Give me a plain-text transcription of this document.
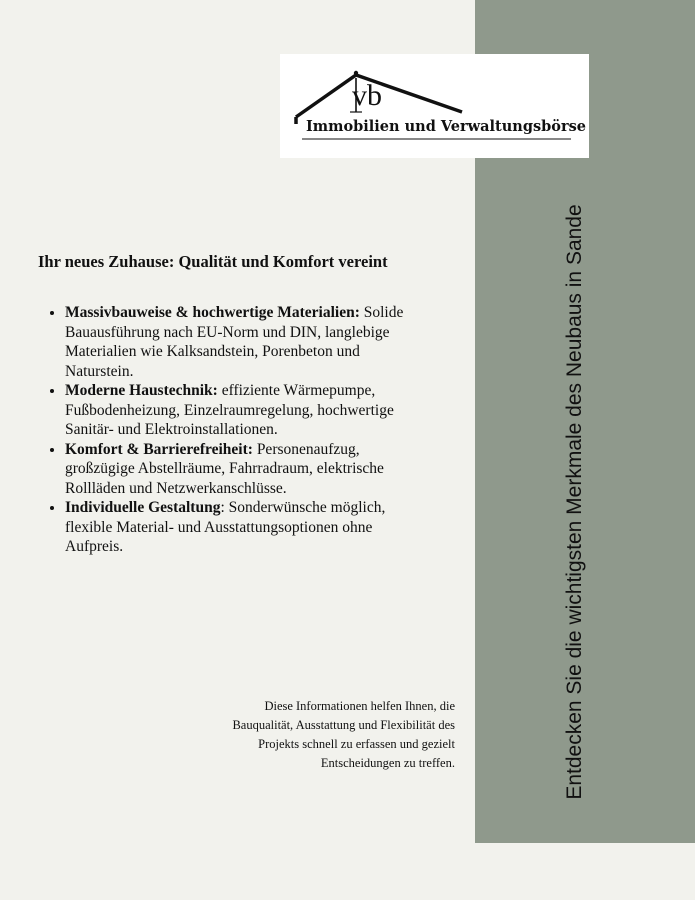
Entdecken Sie die wichtigsten Merkmale des Neubaus in Sande
vb
Immobilien und Verwaltungsbörse
Ihr neues Zuhause: Qualität und Komfort vereint
• Massivbauweise & hochwertige Materialien: Solide Bauausführung nach EU-Norm und DIN, langlebige Materialien wie Kalksandstein, Porenbeton und Naturstein.
• Moderne Haustechnik: effiziente Wärmepumpe, Fußbodenheizung, Einzelraumregelung, hochwertige Sanitär- und Elektroinstallationen.
• Komfort & Barrierefreiheit: Personenaufzug, großzügige Abstellräume, Fahrradraum, elektrische Rollläden und Netzwerkanschlüsse.
• Individuelle Gestaltung: Sonderwünsche möglich, flexible Material- und Ausstattungsoptionen ohne Aufpreis.

Diese Informationen helfen Ihnen, die Bauqualität, Ausstattung und Flexibilität des Projekts schnell zu erfassen und gezielt Entscheidungen zu treffen.
